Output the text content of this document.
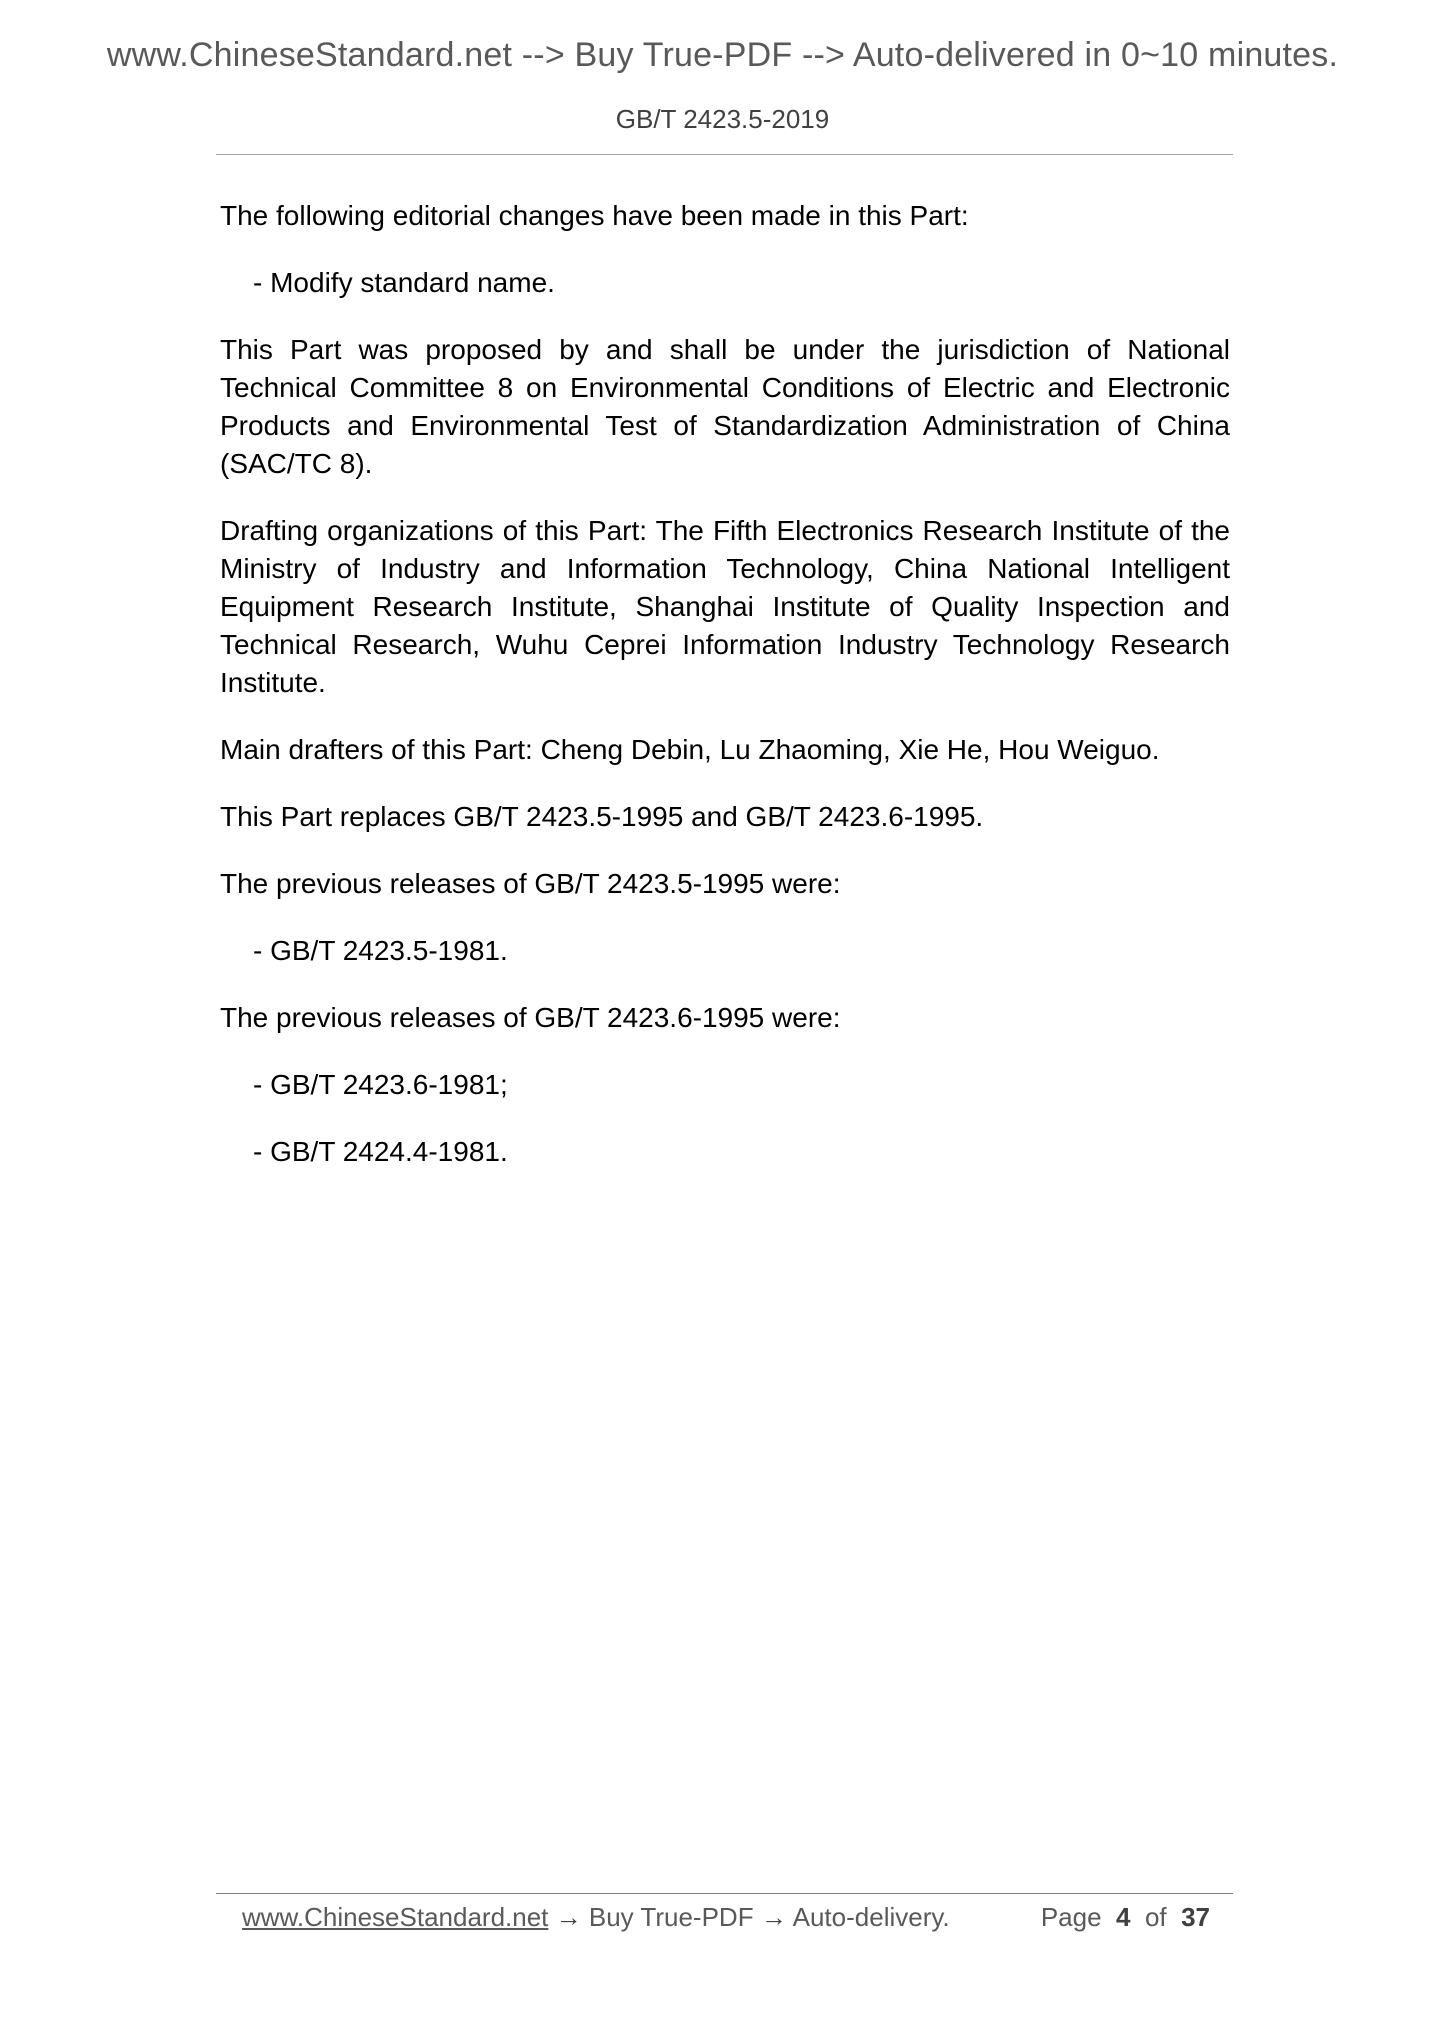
www.ChineseStandard.net --> Buy True-PDF --> Auto-delivered in 0~10 minutes.
GB/T 2423.5-2019

The following editorial changes have been made in this Part:

- Modify standard name.

This Part was proposed by and shall be under the jurisdiction of National Technical Committee 8 on Environmental Conditions of Electric and Electronic Products and Environmental Test of Standardization Administration of China (SAC/TC 8).

Drafting organizations of this Part: The Fifth Electronics Research Institute of the Ministry of Industry and Information Technology, China National Intelligent Equipment Research Institute, Shanghai Institute of Quality Inspection and Technical Research, Wuhu Ceprei Information Industry Technology Research Institute.

Main drafters of this Part: Cheng Debin, Lu Zhaoming, Xie He, Hou Weiguo.

This Part replaces GB/T 2423.5-1995 and GB/T 2423.6-1995.

The previous releases of GB/T 2423.5-1995 were:

- GB/T 2423.5-1981.

The previous releases of GB/T 2423.6-1995 were:

- GB/T 2423.6-1981;

- GB/T 2424.4-1981.

www.ChineseStandard.net → Buy True-PDF → Auto-delivery.	Page 4 of 37
